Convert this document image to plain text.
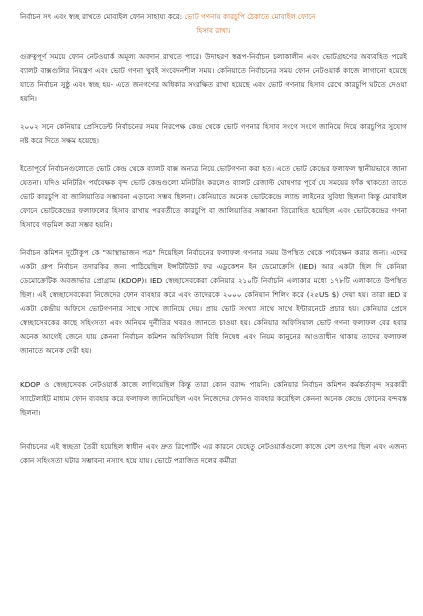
নির্বাচন সৎ এবং স্বচ্ছ রাখতে মোবাইল ফোন সাহায্য করে: ভোট গণনায় কারচুপি ঠেকাতে মোবাইল ফোনে

হিসাব রাখা।

গুরুত্বপূর্ণ সময়ে ফোন নেটওয়ার্ক অমূল্য অবদান রাখতে পারে। উদাহরণ স্বরূপ-নির্বাচন চলাকালীন এবং ভোটগ্রহণের অব্যবহিত পরেই ব্যালট বাক্সগুলির নিয়ন্ত্রণ এবং ভোট গণনা খুবই সংবেদনশীল সময়। কেনিয়াতে নির্বাচনের সময় ফোন নেটওয়ার্ক কাজে লাগানো হয়েছে যাতে নির্বাচন সুষ্ঠু এবং স্বচ্ছ হয়- এতে জনগণের অধিকার সংরক্ষিত রাখা হয়েছে এবং ভোট গণনায় হিসাব রেখে কারচুপি ঘটতে দেওয়া হয়নি।

২০০২ সনে কেনিয়ার প্রেসিডেন্ট নির্বাচনের সময় নিরপেক্ষ কেন্দ্র থেকে ভোট গণনার হিসাব সংগে সংগে জানিয়ে দিয়ে কারচুপির সুযোগ নষ্ট করে দিতে সক্ষম হয়েছে।

ইতোপূর্বে নির্বাচনগুলোতে ভোট কেন্দ্র থেকে ব্যালট বাক্স অন্যত্র নিয়ে ভোটগণনা করা হত। এতে ভোট কেন্দ্রের ফলাফল স্থানীয়ভাবে জানা যেতনা। যদিও মনিটরিং পর্যবেক্ষক বৃন্দ ভোট কেন্দ্রগুলো মনিটরিং করলেও ব্যালট রেজাল্ট ঘোষণার পূর্বে যে সময়ের ফাঁক থাকতো তাতে ভোট কারচুপি বা জালিয়াতির সম্ভাবনা এড়ানো সম্ভব ছিলনা। কেনিয়াতে অনেক ভোটকেন্দ্রে ল্যান্ড লাইনের সুবিধা ছিলনা কিন্তু মোবাইল ফোনে ভোটকেন্দ্রের ফলাফলের হিসাব রাখায় পরবর্তীতে কারচুপি বা জালিয়াতির সম্ভাবনা তিরোহিত হয়েছিল এবং ভোটকেন্দ্রের গণনা হিসাবে গড়মিল করা সম্ভব হয়নি।

নির্বাচন কমিশন দুর্টোকুপ কে "আস্থাভাজন পত্র" দিয়েছিল নির্বাচনের ফলাফল গণনার সময় উপস্থিত থেকে পর্যবেক্ষন করার জন্য। এদের একটা গ্রুপ নির্বাচন তদারকির জন্য পাঠিয়েছিল ইন্সটিটিউট ফর এডুকেশন ইন ডেমোক্রেসি (IED) আর একটা ছিল দি কেনিয়া ডেমোক্রেটিক অবজার্ভার প্রোগ্রাম (KDOP)। IED স্বেচ্ছাসেবকেরা কেনিয়ার ২১০টি নির্বাচনি এলাকার মধ্যে ১৭৮টি এলাকাতে উপস্থিত ছিল। এই স্বেচ্ছাসেবকেরা নিজেদের ফোন ব্যবহার করে এবং তাদেরকে ২০০০ কেনিয়ান শিলিং করে (২৫US $) দেয়া হয়। তারা IED র একটা কেন্দ্রীয় অফিসে ভোটগণনার সাথে সাথে জানিয়ে দেয়। প্রায় ভোট সংখ্যা সাথে সাথে ইন্টারনেটে প্রচার হয়। কেনিয়ার প্রেসে স্বেচ্ছাসেবকের কাছে সহিংসতা এবং অনিয়ম দুর্নীতির খবরও জানতে চাওয়া হয়। কেনিয়ার অফিসিয়াল ভোট গণনা ফলাফল বের হবার অনেক আগেই জেনে যায় কেননা নির্বাচন কমিশন অফিসিয়াল বিধি নিষেধ এবং নিয়ম কানুনের আওতাধীন থাকায় তাদের ফলাফল জানাতে অনেক দেরী হয়।

KDOP ও স্বেচ্ছাসেবক নেটওয়ার্ক কাজে লাগিয়েছিল কিন্তু তারা কোন বরাদ্দ পায়নি। কেনিয়ার নির্বাচন কমিশন কর্মকর্তাবৃন্দ সরকারী স্যাটেলাইট মাধ্যম ফোন ব্যবহার করে ফলাফল জানিয়েছিল এবং নিজেদের ফোনও ব্যবহার করেছিল কেননা অনেক কেন্দ্রে ফোনের বন্দবস্ত ছিলনা।

নির্বাচনের এই স্বচ্ছতা তৈরী হয়েছিল স্বাধীন এবং দ্রুত রিপোর্টিং এর কারনে যেহেতু নেটওয়ার্কগুলো কাজে বেশ তৎপর ছিল এবং এজন্য কোন সহিংসতা ঘটার সম্ভাবনা নস্যাৎ হয়ে যায়। ভোটে পরাজিত দলের কর্মীরা
